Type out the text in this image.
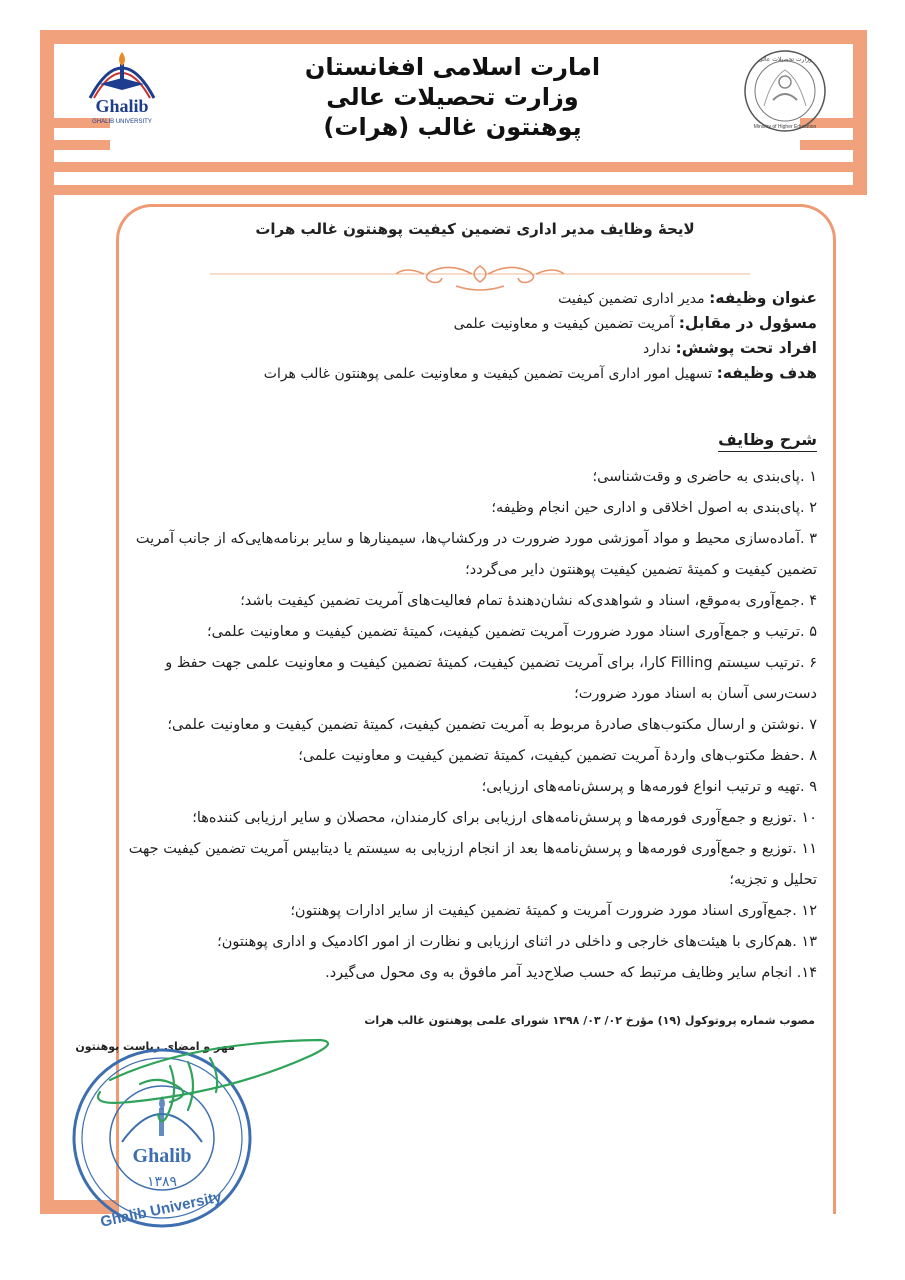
Ghalib
GHALIB UNIVERSITY
Ministry of Higher Education
وزارت تحصیلات عالی
امارت اسلامی افغانستان
وزارت تحصیلات عالی
پوهنتون غالب (هرات)
لایحهٔ وظایف مدیر اداری تضمین کیفیت پوهنتون غالب هرات
عنوان وظیفه: مدیر اداری تضمین کیفیت
مسؤول در مقابل: آمریت تضمین کیفیت و معاونیت علمی
افراد تحت پوشش: ندارد
هدف وظیفه: تسهیل امور اداری آمریت تضمین کیفیت و معاونیت علمی پوهنتون غالب هرات
شرح وظایف

۱ .پای‌بندی به حاضری و وقت‌شناسی؛

۲ .پای‌بندی به اصول اخلاقی و اداری حین انجام وظیفه؛

۳ .آماده‌سازی محیط و مواد آموزشی مورد ضرورت در ورکشاپ‌ها، سیمینارها و سایر برنامه‌هایی‌که از جانب آمریت تضمین کیفیت و کمیتهٔ تضمین کیفیت پوهنتون دایر می‌گردد؛

۴ .جمع‌آوری به‌موقع، اسناد و شواهدی‌که نشان‌دهندهٔ تمام فعالیت‌های آمریت تضمین کیفیت باشد؛

۵ .ترتیب و جمع‌آوری اسناد مورد ضرورت آمریت تضمین کیفیت، کمیتهٔ تضمین کیفیت و معاونیت علمی؛

۶ .ترتیب سیستم Filling کارا، برای آمریت تضمین کیفیت، کمیتهٔ تضمین کیفیت و معاونیت علمی جهت حفظ و دست‌رسی آسان به اسناد مورد ضرورت؛

۷ .نوشتن و ارسال مکتوب‌های صادرهٔ مربوط به آمریت تضمین کیفیت، کمیتهٔ تضمین کیفیت و معاونیت علمی؛

۸ .حفظ مکتوب‌های واردهٔ آمریت تضمین کیفیت، کمیتهٔ تضمین کیفیت و معاونیت علمی؛

۹ .تهیه و ترتیب انواع فورمه‌ها و پرسش‌نامه‌های ارزیابی؛

۱۰ .توزیع و جمع‌آوری فورمه‌ها و پرسش‌نامه‌های ارزیابی برای کارمندان، محصلان و سایر ارزیابی کننده‌ها؛

۱۱ .توزیع و جمع‌آوری فورمه‌ها و پرسش‌نامه‌ها بعد از انجام ارزیابی به سیستم یا دیتابیس آمریت تضمین کیفیت جهت تحلیل و تجزیه؛

۱۲ .جمع‌آوری اسناد مورد ضرورت آمریت و کمیتهٔ تضمین کیفیت از سایر ادارات پوهنتون؛

۱۳ .هم‌کاری با هیئت‌های خارجی و داخلی در اثنای ارزیابی و نظارت از امور اکادمیک و اداری پوهنتون؛

۱۴. انجام سایر وظایف مرتبط که حسب صلاح‌دید آمر مافوق به وی محول می‌گیرد.

مصوب شماره پروتوکول (۱۹) مؤرخ ۰۲/ ۰۳/ ۱۳۹۸ شورای علمی پوهنتون غالب هرات
مهر و امضای ریاست پوهنتون
Ghalib
۱۳۸۹
Ghalib University
